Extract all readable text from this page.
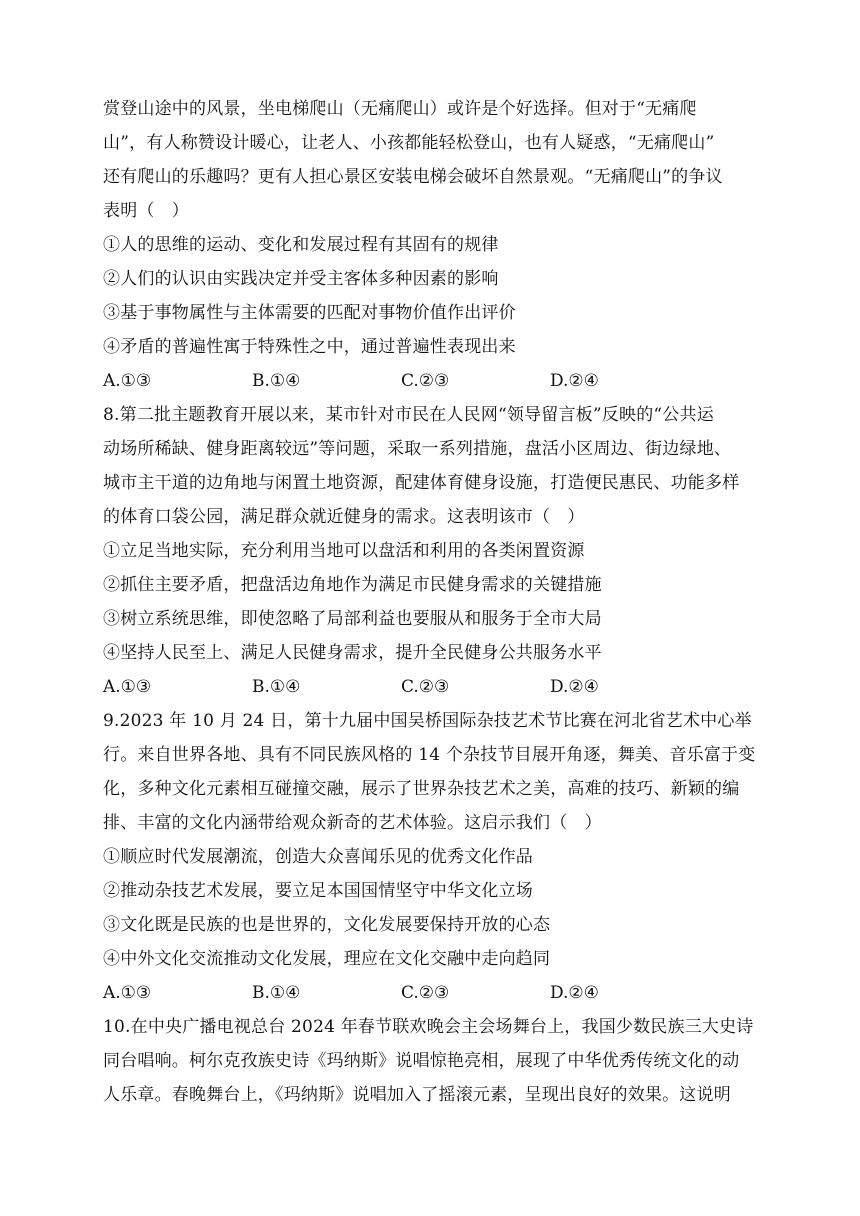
赏登山途中的风景，坐电梯爬山（无痛爬山）或许是个好选择。但对于“无痛爬
山”，有人称赞设计暖心，让老人、小孩都能轻松登山，也有人疑惑，“无痛爬山”
还有爬山的乐趣吗？更有人担心景区安装电梯会破坏自然景观。“无痛爬山”的争议
表明（　）
①人的思维的运动、变化和发展过程有其固有的规律
②人们的认识由实践决定并受主客体多种因素的影响
③基于事物属性与主体需要的匹配对事物价值作出评价
④矛盾的普遍性寓于特殊性之中，通过普遍性表现出来
A.①③	B.①④	C.②③	D.②④
8.第二批主题教育开展以来，某市针对市民在人民网“领导留言板”反映的“公共运
动场所稀缺、健身距离较远”等问题，采取一系列措施，盘活小区周边、街边绿地、
城市主干道的边角地与闲置土地资源，配建体育健身设施，打造便民惠民、功能多样
的体育口袋公园，满足群众就近健身的需求。这表明该市（　）
①立足当地实际，充分利用当地可以盘活和利用的各类闲置资源
②抓住主要矛盾，把盘活边角地作为满足市民健身需求的关键措施
③树立系统思维，即使忽略了局部利益也要服从和服务于全市大局
④坚持人民至上、满足人民健身需求，提升全民健身公共服务水平
A.①③	B.①④	C.②③	D.②④
9.2023 年 10 月 24 日，第十九届中国吴桥国际杂技艺术节比赛在河北省艺术中心举
行。来自世界各地、具有不同民族风格的 14 个杂技节目展开角逐，舞美、音乐富于变
化，多种文化元素相互碰撞交融，展示了世界杂技艺术之美，高难的技巧、新颖的编
排、丰富的文化内涵带给观众新奇的艺术体验。这启示我们（　）
①顺应时代发展潮流，创造大众喜闻乐见的优秀文化作品
②推动杂技艺术发展，要立足本国国情坚守中华文化立场
③文化既是民族的也是世界的，文化发展要保持开放的心态
④中外文化交流推动文化发展，理应在文化交融中走向趋同
A.①③	B.①④	C.②③	D.②④
10.在中央广播电视总台 2024 年春节联欢晚会主会场舞台上，我国少数民族三大史诗
同台唱响。柯尔克孜族史诗《玛纳斯》说唱惊艳亮相，展现了中华优秀传统文化的动
人乐章。春晚舞台上，《玛纳斯》说唱加入了摇滚元素，呈现出良好的效果。这说明
